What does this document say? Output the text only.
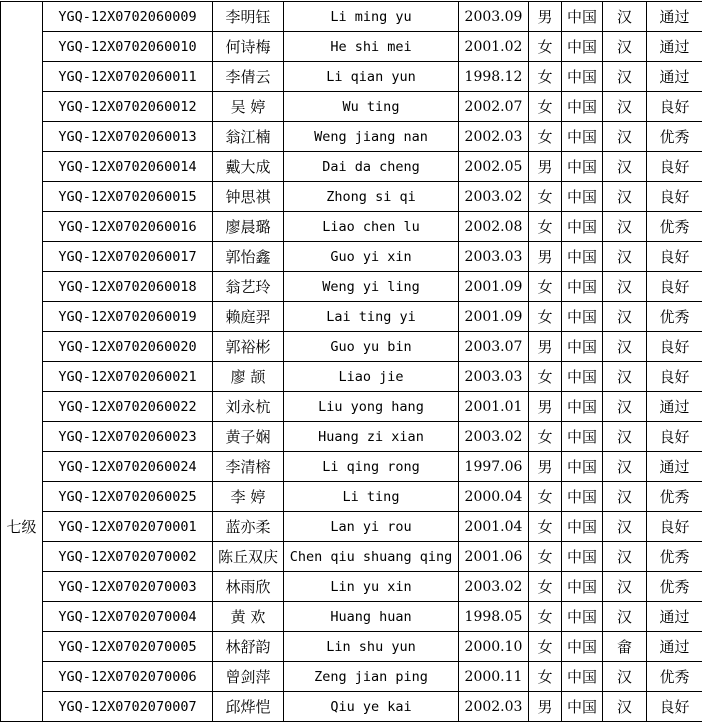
	YGQ-12X0702060009	李明钰	Li ming yu	2003.09	男	中国	汉	通过
	YGQ-12X0702060010	何诗梅	He shi mei	2001.02	女	中国	汉	通过
	YGQ-12X0702060011	李倩云	Li qian yun	1998.12	女	中国	汉	通过
	YGQ-12X0702060012	吴 婷	Wu ting	2002.07	女	中国	汉	良好
	YGQ-12X0702060013	翁江楠	Weng jiang nan	2002.03	女	中国	汉	优秀
	YGQ-12X0702060014	戴大成	Dai da cheng	2002.05	男	中国	汉	良好
	YGQ-12X0702060015	钟思祺	Zhong si qi	2003.02	女	中国	汉	良好
	YGQ-12X0702060016	廖晨璐	Liao chen lu	2002.08	女	中国	汉	优秀
	YGQ-12X0702060017	郭怡鑫	Guo yi xin	2003.03	男	中国	汉	良好
	YGQ-12X0702060018	翁艺玲	Weng yi ling	2001.09	女	中国	汉	良好
	YGQ-12X0702060019	赖庭羿	Lai ting yi	2001.09	女	中国	汉	优秀
	YGQ-12X0702060020	郭裕彬	Guo yu bin	2003.07	男	中国	汉	良好
	YGQ-12X0702060021	廖 颉	Liao jie	2003.03	女	中国	汉	良好
	YGQ-12X0702060022	刘永杭	Liu yong hang	2001.01	男	中国	汉	通过
	YGQ-12X0702060023	黄子娴	Huang zi xian	2003.02	女	中国	汉	良好
	YGQ-12X0702060024	李清榕	Li qing rong	1997.06	男	中国	汉	通过
	YGQ-12X0702060025	李 婷	Li ting	2000.04	女	中国	汉	优秀
七级	YGQ-12X0702070001	蓝亦柔	Lan yi rou	2001.04	女	中国	汉	良好
	YGQ-12X0702070002	陈丘双庆	Chen qiu shuang qing	2001.06	女	中国	汉	优秀
	YGQ-12X0702070003	林雨欣	Lin yu xin	2003.02	女	中国	汉	优秀
	YGQ-12X0702070004	黄 欢	Huang huan	1998.05	女	中国	汉	通过
	YGQ-12X0702070005	林舒韵	Lin shu yun	2000.10	女	中国	畲	通过
	YGQ-12X0702070006	曾剑萍	Zeng jian ping	2000.11	女	中国	汉	优秀
	YGQ-12X0702070007	邱烨恺	Qiu ye kai	2002.03	男	中国	汉	良好
